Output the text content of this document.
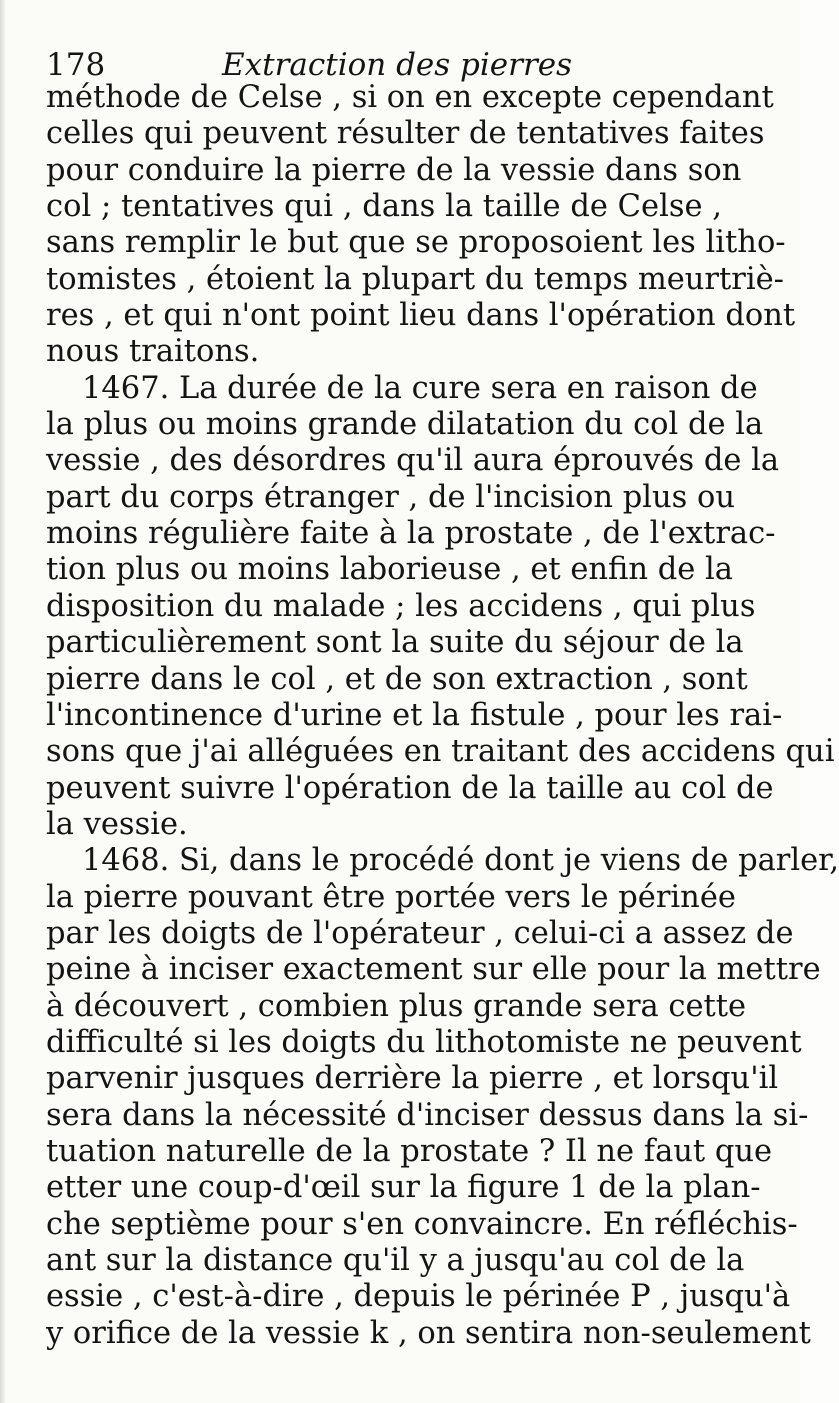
178	Extraction des pierres
méthode de Celse , si on en excepte cependant
celles qui peuvent résulter de tentatives faites
pour conduire la pierre de la vessie dans son
col ; tentatives qui , dans la taille de Celse ,
sans remplir le but que se proposoient les litho-
tomistes , étoient la plupart du temps meurtriè-
res , et qui n'ont point lieu dans l'opération dont
nous traitons.
1467. La durée de la cure sera en raison de
la plus ou moins grande dilatation du col de la
vessie , des désordres qu'il aura éprouvés de la
part du corps étranger , de l'incision plus ou
moins régulière faite à la prostate , de l'extrac-
tion plus ou moins laborieuse , et enfin de la
disposition du malade ; les accidens , qui plus
particulièrement sont la suite du séjour de la
pierre dans le col , et de son extraction , sont
l'incontinence d'urine et la fistule , pour les rai-
sons que j'ai alléguées en traitant des accidens qui
peuvent suivre l'opération de la taille au col de
la vessie.
1468. Si, dans le procédé dont je viens de parler,
la pierre pouvant être portée vers le périnée
par les doigts de l'opérateur , celui-ci a assez de
peine à inciser exactement sur elle pour la mettre
à découvert , combien plus grande sera cette
difficulté si les doigts du lithotomiste ne peuvent
parvenir jusques derrière la pierre , et lorsqu'il
sera dans la nécessité d'inciser dessus dans la si-
tuation naturelle de la prostate ? Il ne faut que
etter une coup-d'œil sur la figure 1 de la plan-
che septième pour s'en convaincre. En réfléchis-
ant sur la distance qu'il y a jusqu'au col de la
essie , c'est-à-dire , depuis le périnée P , jusqu'à
y orifice de la vessie k , on sentira non-seulement
